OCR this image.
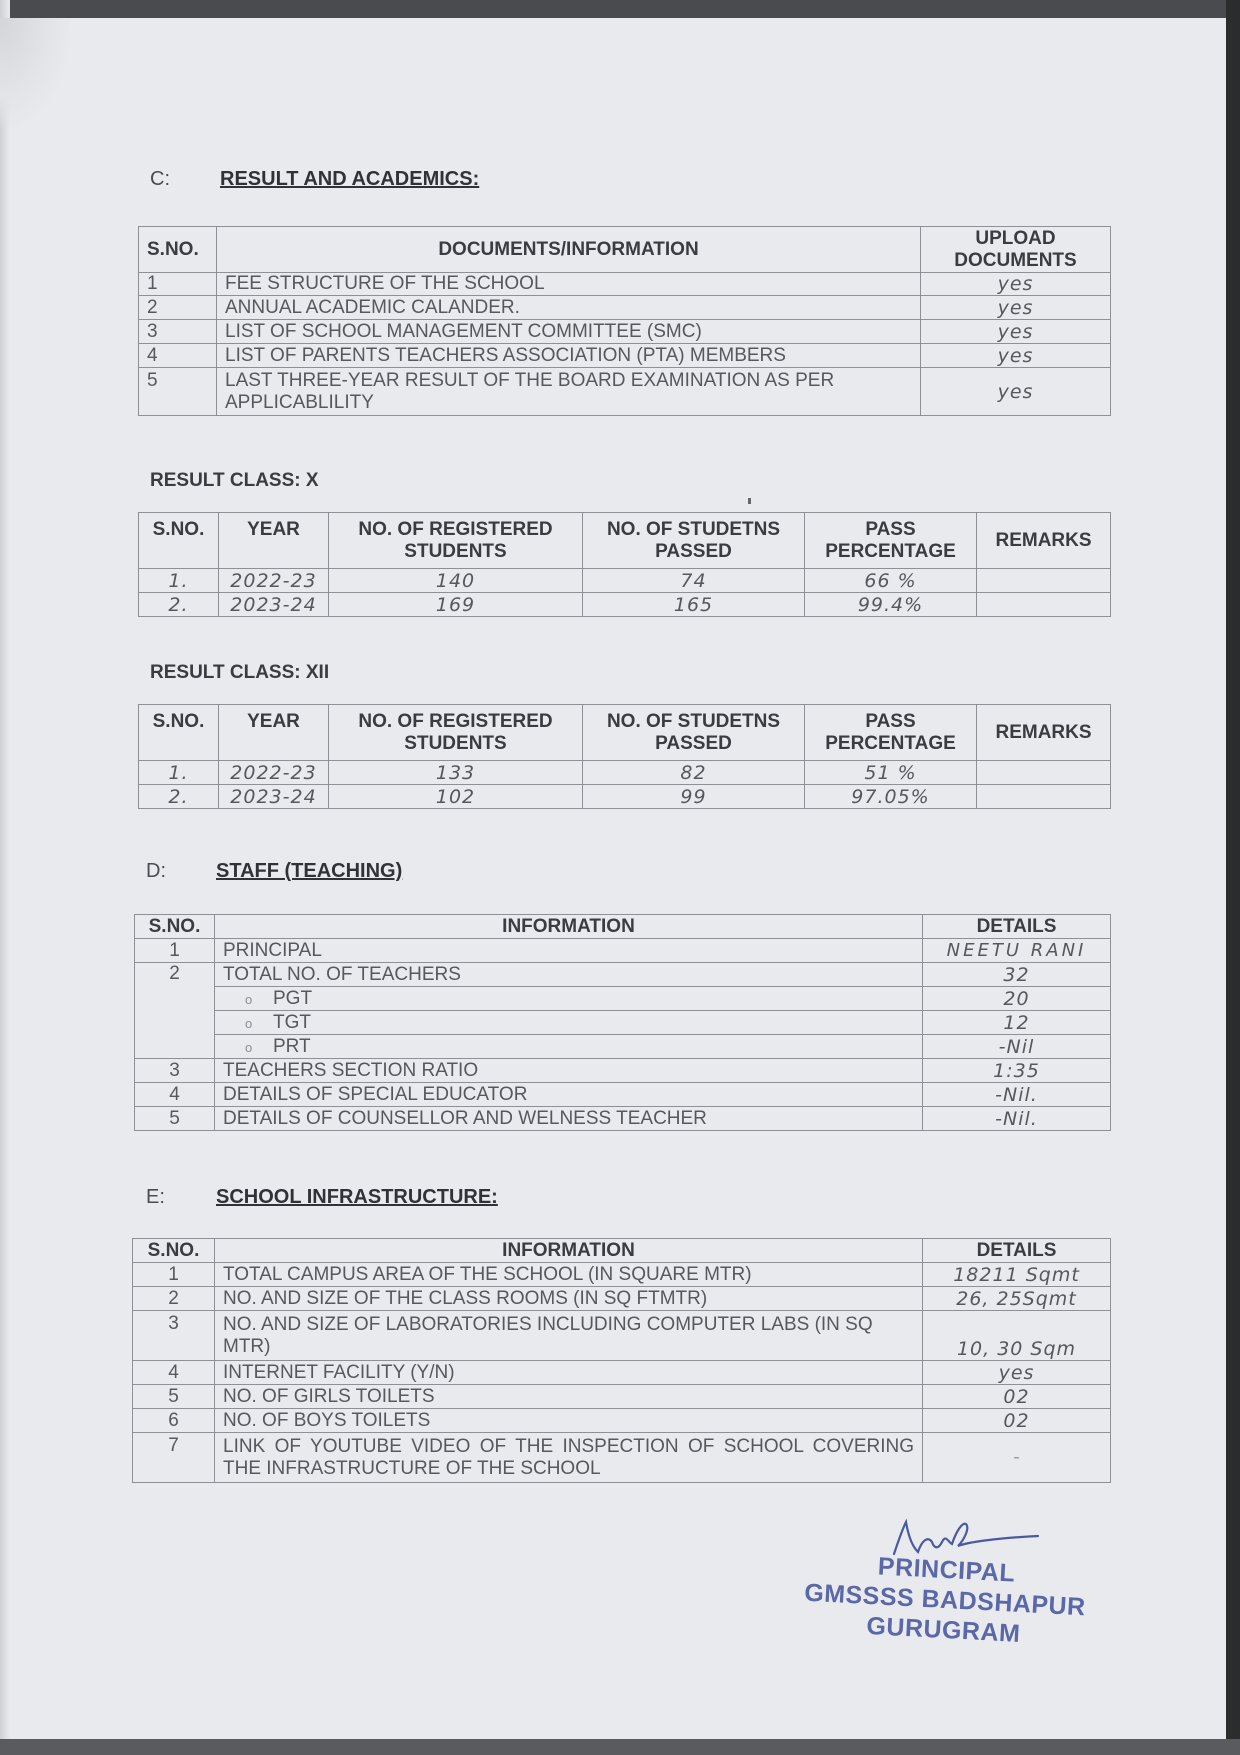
C:	RESULT AND ACADEMICS:
S.NO.	DOCUMENTS/INFORMATION	UPLOAD DOCUMENTS
1	FEE STRUCTURE OF THE SCHOOL	yes
2	ANNUAL ACADEMIC CALANDER.	yes
3	LIST OF SCHOOL MANAGEMENT COMMITTEE (SMC)	yes
4	LIST OF PARENTS TEACHERS ASSOCIATION (PTA) MEMBERS	yes
5	LAST THREE-YEAR RESULT OF THE BOARD EXAMINATION AS PER APPLICABLILITY	yes
RESULT CLASS: X
S.NO.	YEAR	NO. OF REGISTERED STUDENTS	NO. OF STUDETNS PASSED	PASS PERCENTAGE	REMARKS
1.	2022-23	140	74	66 %	
2.	2023-24	169	165	99.4%	
RESULT CLASS: XII
S.NO.	YEAR	NO. OF REGISTERED STUDENTS	NO. OF STUDETNS PASSED	PASS PERCENTAGE	REMARKS
1.	2022-23	133	82	51 %	
2.	2023-24	102	99	97.05%	
D:	STAFF (TEACHING)
S.NO.	INFORMATION	DETAILS
1	PRINCIPAL	NEETU RANI
2	TOTAL NO. OF TEACHERS	32
	o PGT	20
	o TGT	12
	o PRT	-Nil
3	TEACHERS SECTION RATIO	1:35
4	DETAILS OF SPECIAL EDUCATOR	-Nil.
5	DETAILS OF COUNSELLOR AND WELNESS TEACHER	-Nil.
E:	SCHOOL INFRASTRUCTURE:
S.NO.	INFORMATION	DETAILS
1	TOTAL CAMPUS AREA OF THE SCHOOL (IN SQUARE MTR)	18211 Sqmt
2	NO. AND SIZE OF THE CLASS ROOMS (IN SQ FTMTR)	26, 25Sqmt
3	NO. AND SIZE OF LABORATORIES INCLUDING COMPUTER LABS (IN SQ MTR)	10, 30 Sqm
4	INTERNET FACILITY (Y/N)	yes
5	NO. OF GIRLS TOILETS	02
6	NO. OF BOYS TOILETS	02
7	LINK OF YOUTUBE VIDEO OF THE INSPECTION OF SCHOOL COVERING THE INFRASTRUCTURE OF THE SCHOOL	-
PRINCIPAL
GMSSSS BADSHAPUR
GURUGRAM
